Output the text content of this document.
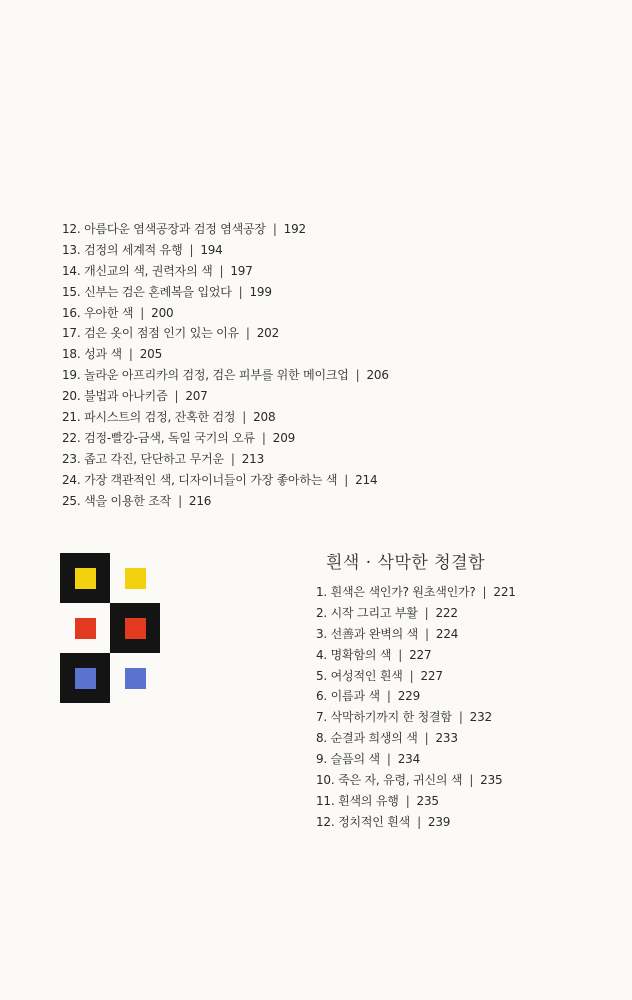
12. 아름다운 염색공장과 검정 염색공장 | 192
13. 검정의 세계적 유행 | 194
14. 개신교의 색, 권력자의 색 | 197
15. 신부는 검은 혼례복을 입었다 | 199
16. 우아한 색 | 200
17. 검은 옷이 점점 인기 있는 이유 | 202
18. 성과 색 | 205
19. 놀라운 아프리카의 검정, 검은 피부를 위한 메이크업 | 206
20. 불법과 아나키즘 | 207
21. 파시스트의 검정, 잔혹한 검정 | 208
22. 검정-빨강-금색, 독일 국기의 오류 | 209
23. 좁고 각진, 단단하고 무거운 | 213
24. 가장 객관적인 색, 디자이너들이 가장 좋아하는 색 | 214
25. 색을 이용한 조작 | 216
흰색 · 삭막한 청결함
1. 흰색은 색인가? 원초색인가? | 221
2. 시작 그리고 부활 | 222
3. 선善과 완벽의 색 | 224
4. 명확함의 색 | 227
5. 여성적인 흰색 | 227
6. 이름과 색 | 229
7. 삭막하기까지 한 청결함 | 232
8. 순결과 희생의 색 | 233
9. 슬픔의 색 | 234
10. 죽은 자, 유령, 귀신의 색 | 235
11. 흰색의 유행 | 235
12. 정치적인 흰색 | 239
